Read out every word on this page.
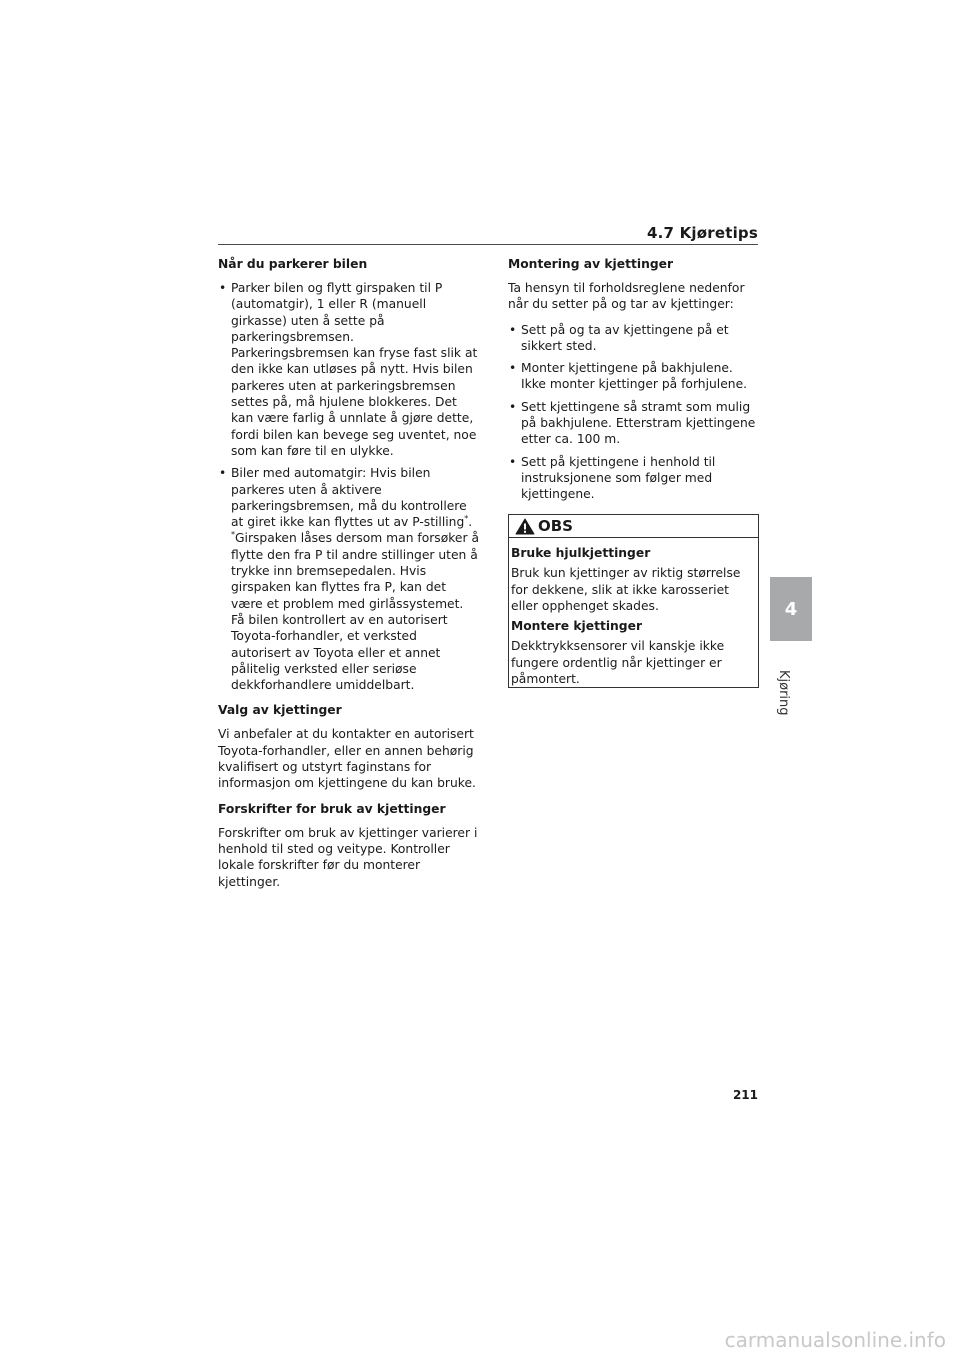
4.7 Kjøretips
Når du parkerer bilen
• Parker bilen og flytt girspaken til P (automatgir), 1 eller R (manuell girkasse) uten å sette på parkeringsbremsen.
Parkeringsbremsen kan fryse fast slik at den ikke kan utløses på nytt. Hvis bilen parkeres uten at parkeringsbremsen settes på, må hjulene blokkeres. Det kan være farlig å unnlate å gjøre dette, fordi bilen kan bevege seg uventet, noe som kan føre til en ulykke.
• Biler med automatgir: Hvis bilen parkeres uten å aktivere parkeringsbremsen, må du kontrollere at giret ikke kan flyttes ut av P-stilling*.
*Girspaken låses dersom man forsøker å flytte den fra P til andre stillinger uten å trykke inn bremsepedalen. Hvis girspaken kan flyttes fra P, kan det være et problem med girlåssystemet. Få bilen kontrollert av en autorisert Toyota-forhandler, et verksted autorisert av Toyota eller et annet pålitelig verksted eller seriøse dekkforhandlere umiddelbart.
Valg av kjettinger

Vi anbefaler at du kontakter en autorisert Toyota-forhandler, eller en annen behørig kvalifisert og utstyrt faginstans for informasjon om kjettingene du kan bruke.

Forskrifter for bruk av kjettinger

Forskrifter om bruk av kjettinger varierer i henhold til sted og veitype. Kontroller lokale forskrifter før du monterer kjettinger.

Montering av kjettinger

Ta hensyn til forholdsreglene nedenfor når du setter på og tar av kjettinger:

• Sett på og ta av kjettingene på et sikkert sted.
• Monter kjettingene på bakhjulene. Ikke monter kjettinger på forhjulene.
• Sett kjettingene så stramt som mulig på bakhjulene. Etterstram kjettingene etter ca. 100 m.
• Sett på kjettingene i henhold til instruksjonene som følger med kjettingene.
OBS
Bruke hjulkjettinger

Bruk kun kjettinger av riktig størrelse for dekkene, slik at ikke karosseriet eller opphenget skades.

Montere kjettinger

Dekktrykksensorer vil kanskje ikke fungere ordentlig når kjettinger er påmontert.

4
Kjøring
211
carmanualsonline.info
